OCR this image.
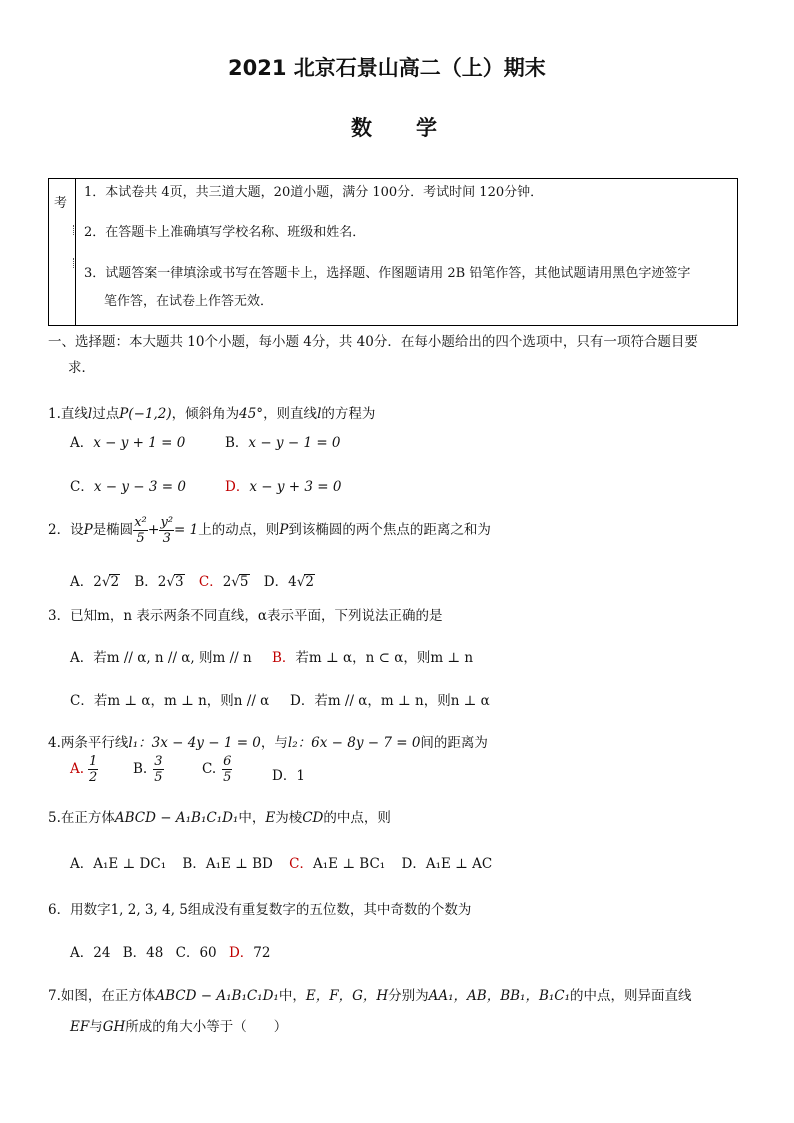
2021 北京石景山高二（上）期末
数学
考
1．本试卷共 4页，共三道大题，20道小题，满分 100分．考试时间 120分钟．
2．在答题卡上准确填写学校名称、班级和姓名．
3．试题答案一律填涂或书写在答题卡上，选择题、作图题请用 2B 铅笔作答，其他试题请用黑色字迹签字
笔作答，在试卷上作答无效．
一、选择题：本大题共 10个小题，每小题 4分，共 40分．在每小题给出的四个选项中，只有一项符合题目要
求．
1.直线l过点P(−1,2)，倾斜角为45°，则直线l的方程为
A．x − y + 1 = 0	B．x − y − 1 = 0
C．x − y − 3 = 0	D．x − y + 3 = 0
2．设P是椭圆 $\frac{\text{x²}}{5} + \frac{\text{y²}}{3} = 1$上的动点，则P到该椭圆的两个焦点的距离之和为
A．2√2 B．2√3 C．2√5 D．4√2
3．已知m，n 表示两条不同直线，α表示平面，下列说法正确的是
A．若m // α, n // α, 则m // n B．若m ⊥ α，n ⊂ α，则m ⊥ n
C．若m ⊥ α，m ⊥ n，则n // α D．若m // α，m ⊥ n，则n ⊥ α
4.两条平行线l₁：3x − 4y − 1 = 0，与l₂：6x − 8y − 7 = 0间的距离为
A. $\frac{1}{2}$	B. $\frac{3}{5}$	C. $\frac{6}{5}$	D．1
5.在正方体ABCD − A₁B₁C₁D₁中，E为棱CD的中点，则
A．A₁E ⊥ DC₁ B．A₁E ⊥ BD C．A₁E ⊥ BC₁ D．A₁E ⊥ AC
6．用数字1, 2, 3, 4, 5组成没有重复数字的五位数，其中奇数的个数为
A．24 B．48 C．60 D．72
7.如图，在正方体ABCD − A₁B₁C₁D₁中，E，F，G，H分别为AA₁，AB，BB₁，B₁C₁的中点，则异面直线
EF与GH所成的角大小等于（　　）
